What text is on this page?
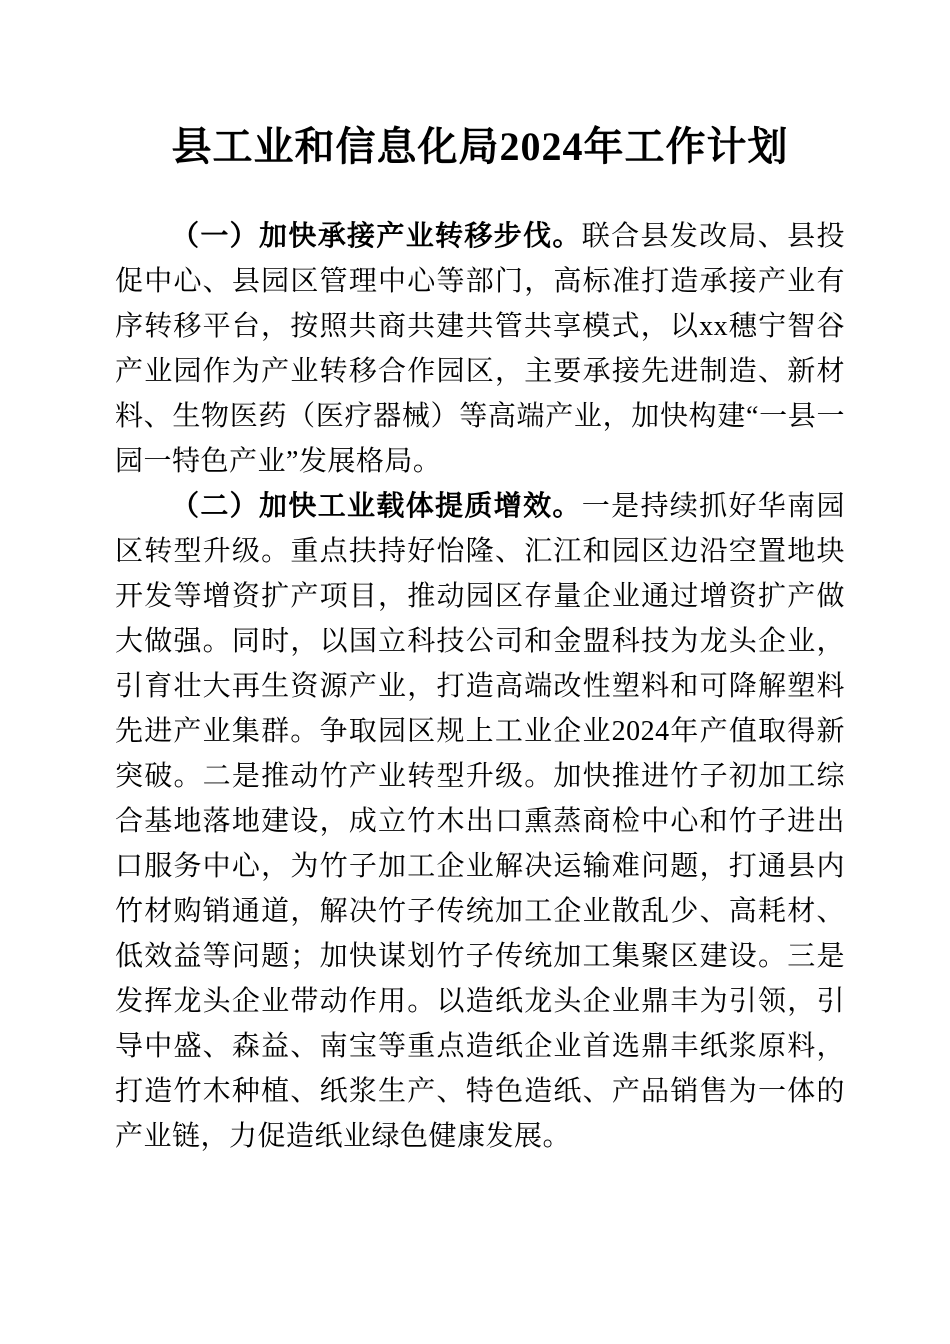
县工业和信息化局2024年工作计划

（一）加快承接产业转移步伐。联合县发改局、县投促中心、县园区管理中心等部门，高标准打造承接产业有序转移平台，按照共商共建共管共享模式，以xx穗宁智谷产业园作为产业转移合作园区，主要承接先进制造、新材料、生物医药（医疗器械）等高端产业，加快构建“一县一园一特色产业”发展格局。

（二）加快工业载体提质增效。一是持续抓好华南园区转型升级。重点扶持好怡隆、汇江和园区边沿空置地块开发等增资扩产项目，推动园区存量企业通过增资扩产做大做强。同时，以国立科技公司和金盟科技为龙头企业，引育壮大再生资源产业，打造高端改性塑料和可降解塑料先进产业集群。争取园区规上工业企业2024年产值取得新突破。二是推动竹产业转型升级。加快推进竹子初加工综合基地落地建设，成立竹木出口熏蒸商检中心和竹子进出口服务中心，为竹子加工企业解决运输难问题，打通县内竹材购销通道，解决竹子传统加工企业散乱少、高耗材、低效益等问题；加快谋划竹子传统加工集聚区建设。三是发挥龙头企业带动作用。以造纸龙头企业鼎丰为引领，引导中盛、森益、南宝等重点造纸企业首选鼎丰纸浆原料，打造竹木种植、纸浆生产、特色造纸、产品销售为一体的产业链，力促造纸业绿色健康发展。
